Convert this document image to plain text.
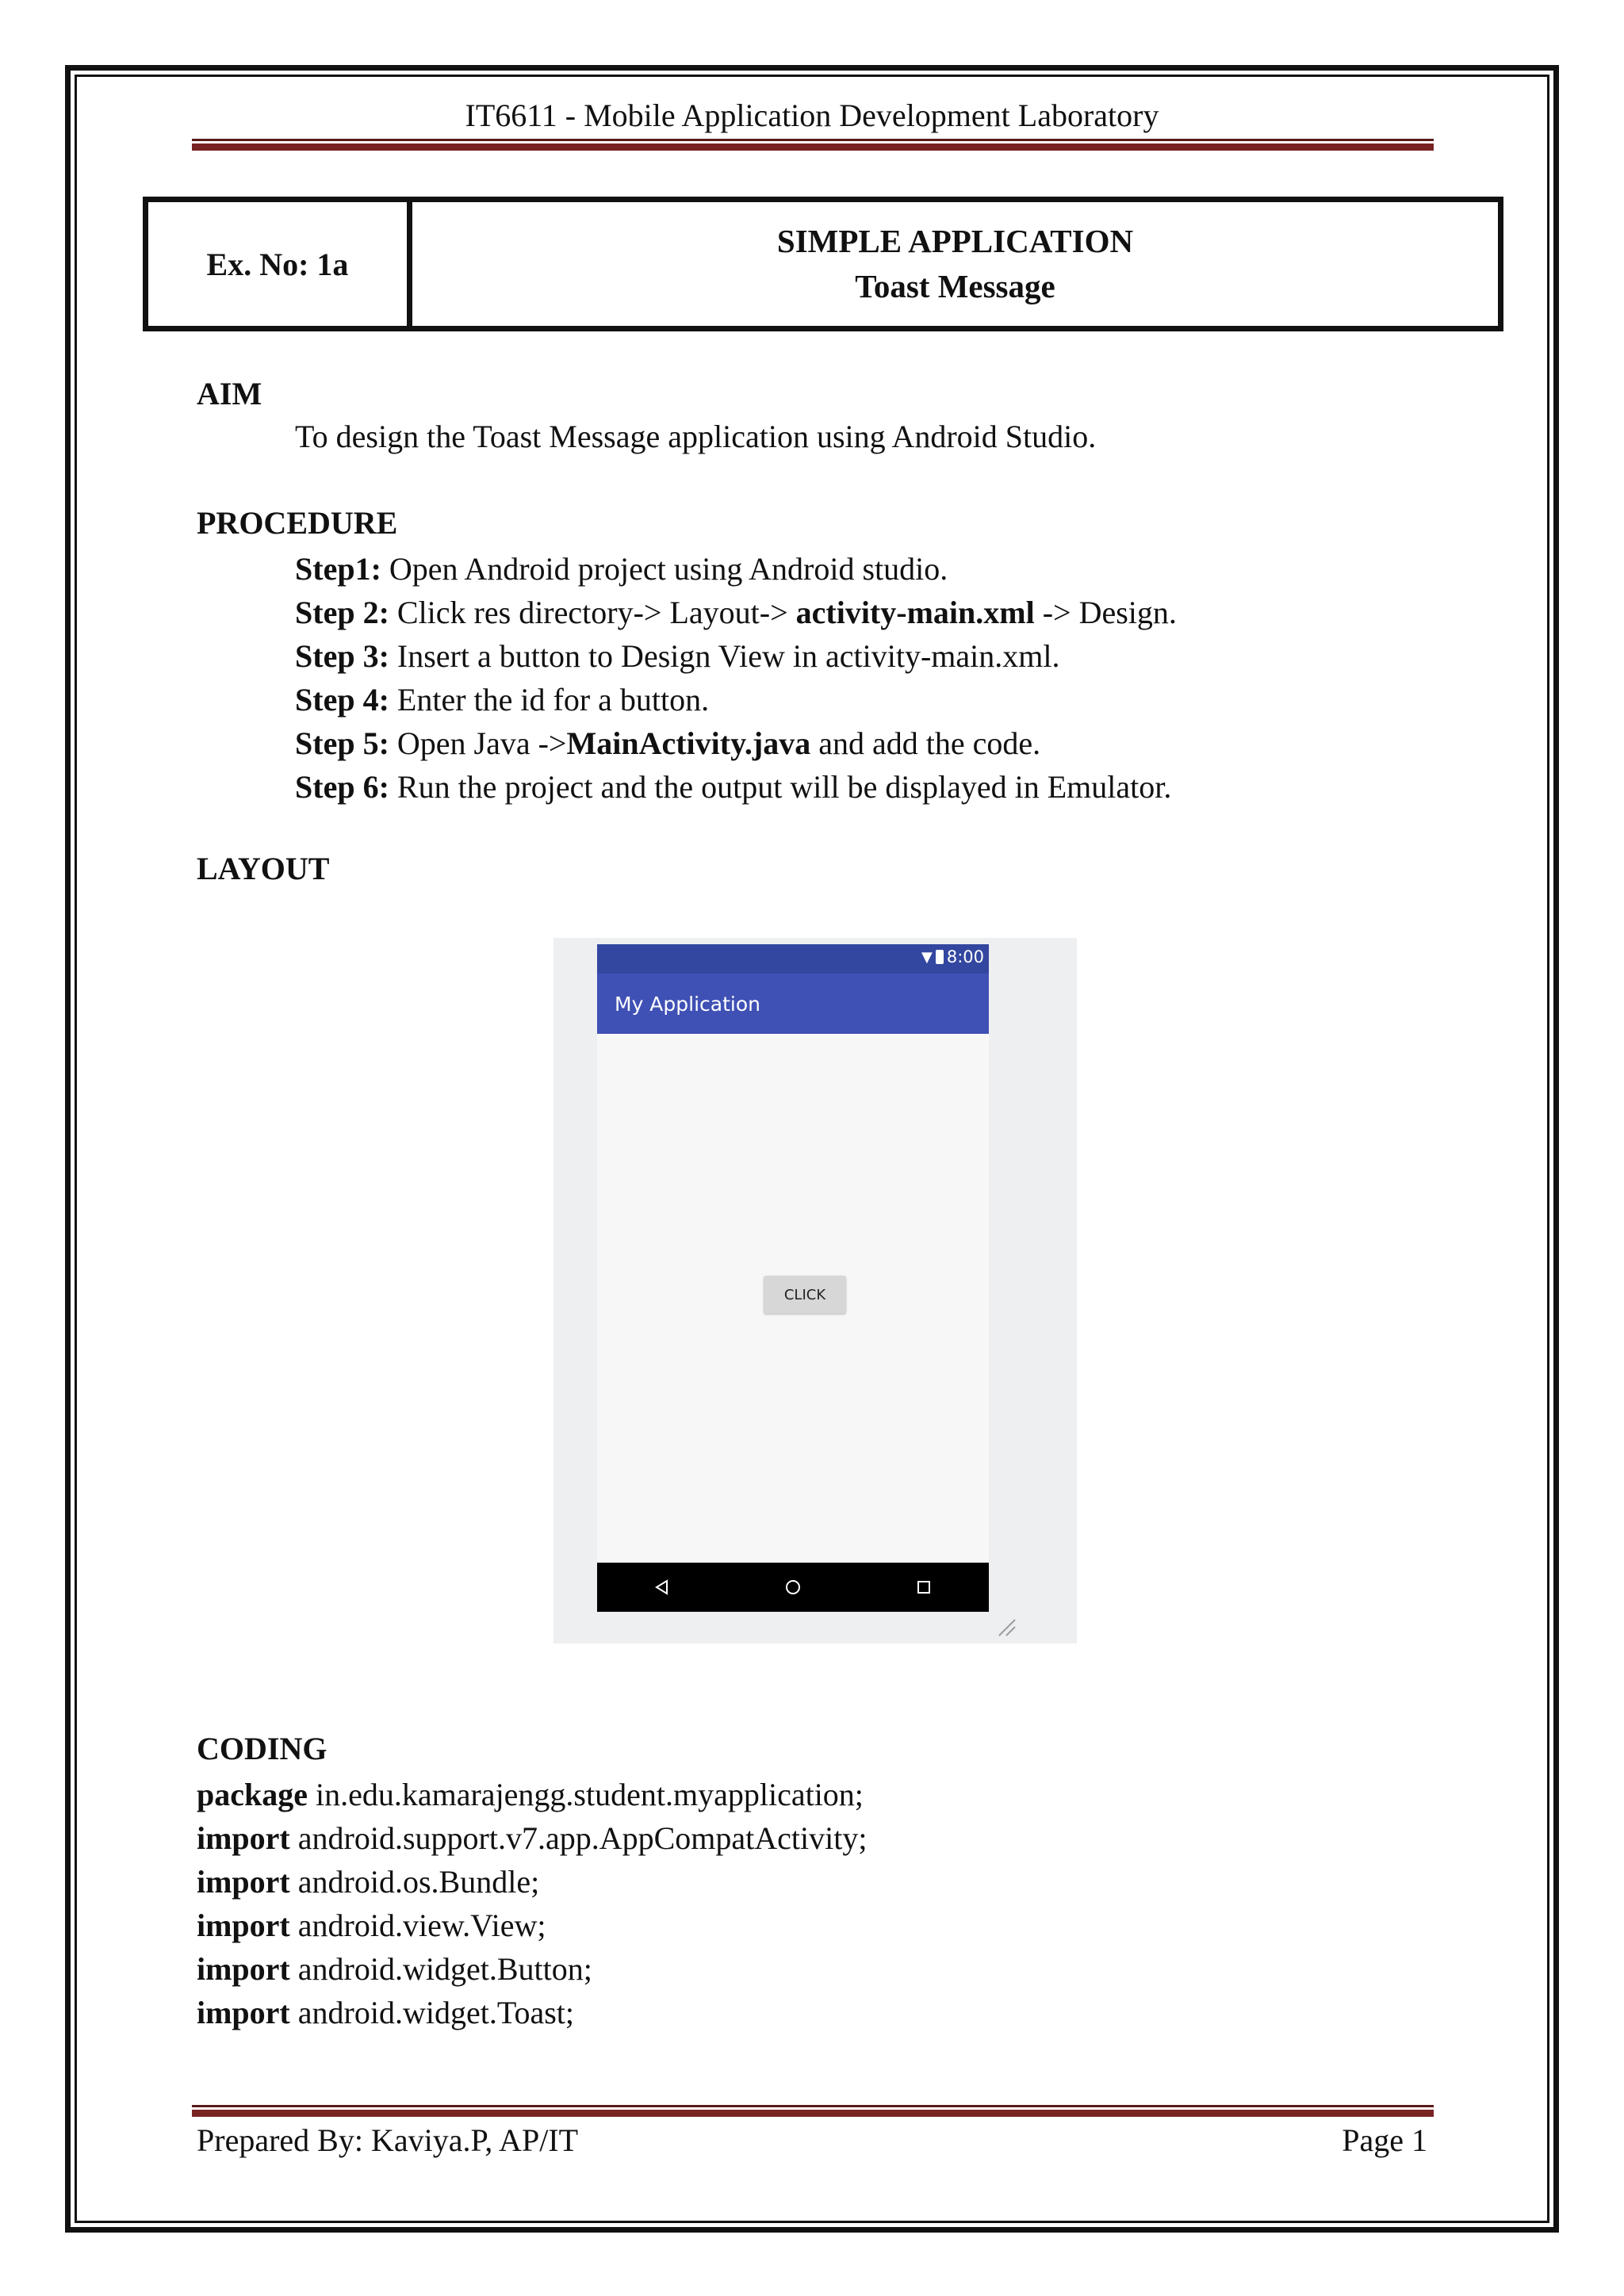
IT6611 - Mobile Application Development Laboratory
Ex. No: 1a
SIMPLE APPLICATION
Toast Message
AIM
To design the Toast Message application using Android Studio.
PROCEDURE
Step1: Open Android project using Android studio.
Step 2: Click res directory-> Layout-> activity-main.xml -> Design.
Step 3: Insert a button to Design View in activity-main.xml.
Step 4: Enter the id for a button.
Step 5: Open Java ->MainActivity.java and add the code.
Step 6: Run the project and the output will be displayed in Emulator.
LAYOUT
▼ 8:00
My Application
CLICK
CODING
package in.edu.kamarajengg.student.myapplication;
import android.support.v7.app.AppCompatActivity;
import android.os.Bundle;
import android.view.View;
import android.widget.Button;
import android.widget.Toast;
Prepared By: Kaviya.P, AP/IT	Page 1
